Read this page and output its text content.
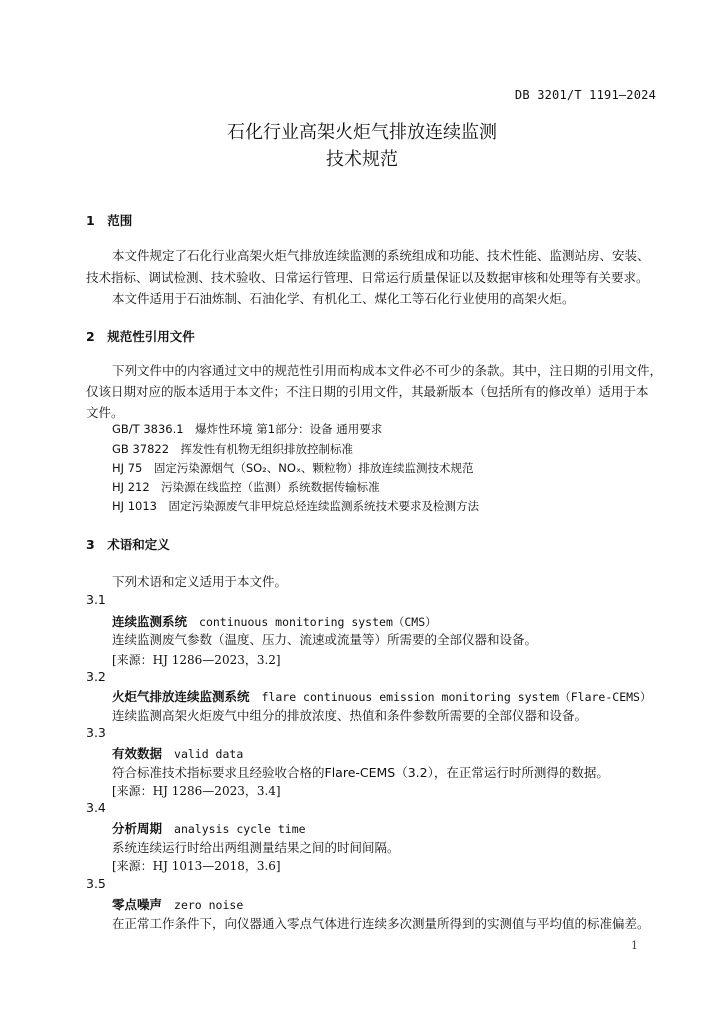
DB 3201/T 1191—2024
石化行业高架火炬气排放连续监测
技术规范
1　范围
本文件规定了石化行业高架火炬气排放连续监测的系统组成和功能、技术性能、监测站房、安装、
技术指标、调试检测、技术验收、日常运行管理、日常运行质量保证以及数据审核和处理等有关要求。
本文件适用于石油炼制、石油化学、有机化工、煤化工等石化行业使用的高架火炬。
2　规范性引用文件
下列文件中的内容通过文中的规范性引用而构成本文件必不可少的条款。其中，注日期的引用文件，
仅该日期对应的版本适用于本文件；不注日期的引用文件，其最新版本（包括所有的修改单）适用于本
文件。
GB/T 3836.1　爆炸性环境 第1部分：设备 通用要求
GB 37822　挥发性有机物无组织排放控制标准
HJ 75　固定污染源烟气（SO₂、NOₓ、颗粒物）排放连续监测技术规范
HJ 212　污染源在线监控（监测）系统数据传输标准
HJ 1013　固定污染源废气非甲烷总烃连续监测系统技术要求及检测方法
3　术语和定义
下列术语和定义适用于本文件。
3.1
连续监测系统 continuous monitoring system（CMS）
连续监测废气参数（温度、压力、流速或流量等）所需要的全部仪器和设备。
[来源：HJ 1286—2023，3.2]
3.2
火炬气排放连续监测系统 flare continuous emission monitoring system（Flare-CEMS）
连续监测高架火炬废气中组分的排放浓度、热值和条件参数所需要的全部仪器和设备。
3.3
有效数据 valid data
符合标准技术指标要求且经验收合格的Flare-CEMS（3.2），在正常运行时所测得的数据。
[来源：HJ 1286—2023，3.4]
3.4
分析周期 analysis cycle time
系统连续运行时给出两组测量结果之间的时间间隔。
[来源：HJ 1013—2018，3.6]
3.5
零点噪声 zero noise
在正常工作条件下，向仪器通入零点气体进行连续多次测量所得到的实测值与平均值的标准偏差。
1
